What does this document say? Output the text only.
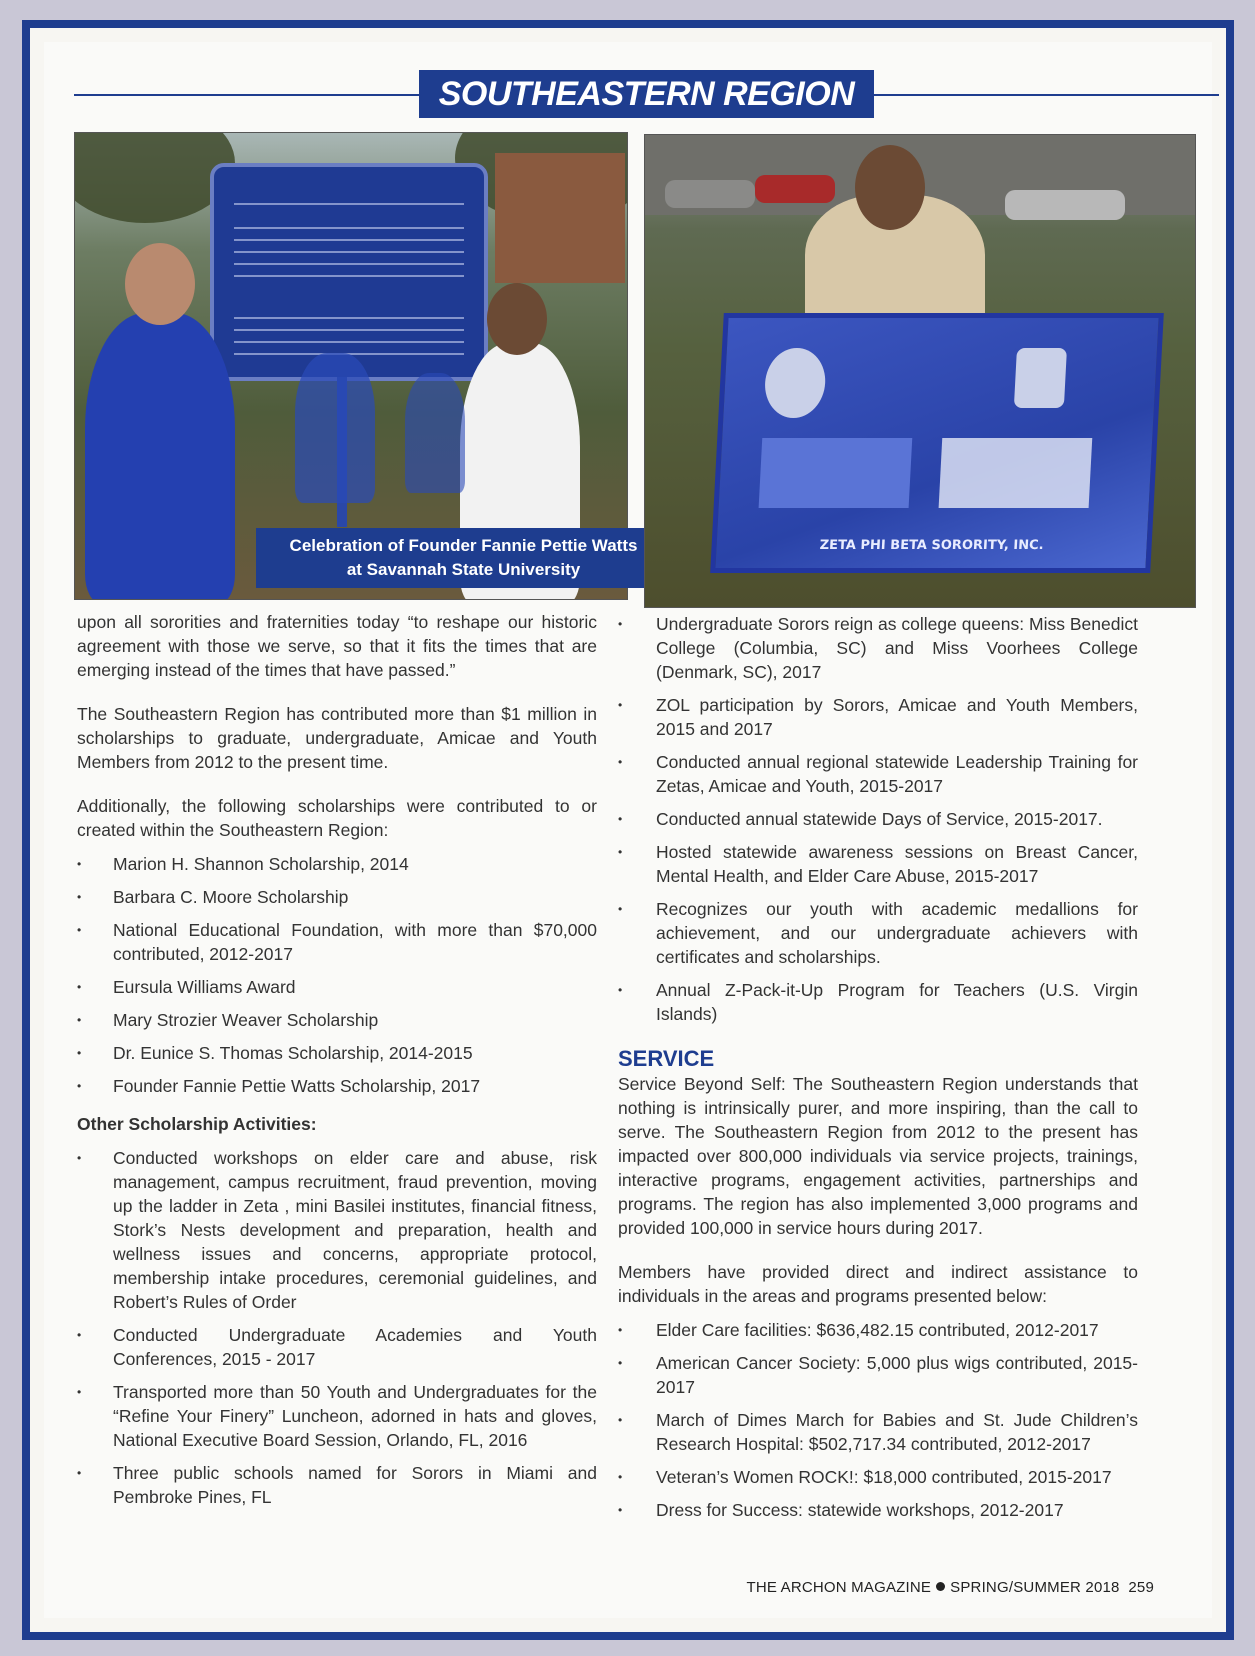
SOUTHEASTERN REGION
Celebration of Founder Fannie Pettie Watts
at Savannah State University
ZETA PHI BETA SORORITY, INC.

upon all sororities and fraternities today “to reshape our historic agreement with those we serve, so that it fits the times that are emerging instead of the times that have passed.”

The Southeastern Region has contributed more than $1 million in scholarships to graduate, undergraduate, Amicae and Youth Members from 2012 to the present time.

Additionally, the following scholarships were contributed to or created within the Southeastern Region:

• Marion H. Shannon Scholarship, 2014
• Barbara C. Moore Scholarship
• National Educational Foundation, with more than $70,000 contributed, 2012-2017
• Eursula Williams Award
• Mary Strozier Weaver Scholarship
• Dr. Eunice S. Thomas Scholarship, 2014-2015
• Founder Fannie Pettie Watts Scholarship, 2017
Other Scholarship Activities:
• Conducted workshops on elder care and abuse, risk management, campus recruitment, fraud prevention, moving up the ladder in Zeta , mini Basilei institutes, financial fitness, Stork’s Nests development and preparation, health and wellness issues and concerns, appropriate protocol, membership intake procedures, ceremonial guidelines, and Robert’s Rules of Order
• Conducted Undergraduate Academies and Youth Conferences, 2015 - 2017
• Transported more than 50 Youth and Undergraduates for the “Refine Your Finery” Luncheon, adorned in hats and gloves, National Executive Board Session, Orlando, FL, 2016
• Three public schools named for Sorors in Miami and Pembroke Pines, FL
• Undergraduate Sorors reign as college queens: Miss Benedict College (Columbia, SC) and Miss Voorhees College (Denmark, SC), 2017
• ZOL participation by Sorors, Amicae and Youth Members, 2015 and 2017
• Conducted annual regional statewide Leadership Training for Zetas, Amicae and Youth, 2015-2017
• Conducted annual statewide Days of Service, 2015-2017.
• Hosted statewide awareness sessions on Breast Cancer, Mental Health, and Elder Care Abuse, 2015-2017
• Recognizes our youth with academic medallions for achievement, and our undergraduate achievers with certificates and scholarships.
• Annual Z-Pack-it-Up Program for Teachers (U.S. Virgin Islands)
SERVICE

Service Beyond Self: The Southeastern Region understands that nothing is intrinsically purer, and more inspiring, than the call to serve. The Southeastern Region from 2012 to the present has impacted over 800,000 individuals via service projects, trainings, interactive programs, engagement activities, partnerships and programs. The region has also implemented 3,000 programs and provided 100,000 in service hours during 2017.

Members have provided direct and indirect assistance to individuals in the areas and programs presented below:

• Elder Care facilities: $636,482.15 contributed, 2012-2017
• American Cancer Society: 5,000 plus wigs contributed, 2015-2017
• March of Dimes March for Babies and St. Jude Children’s Research Hospital: $502,717.34 contributed, 2012-2017
• Veteran’s Women ROCK!: $18,000 contributed, 2015-2017
• Dress for Success: statewide workshops, 2012-2017
THE ARCHON MAGAZINE SPRING/SUMMER 2018 259
